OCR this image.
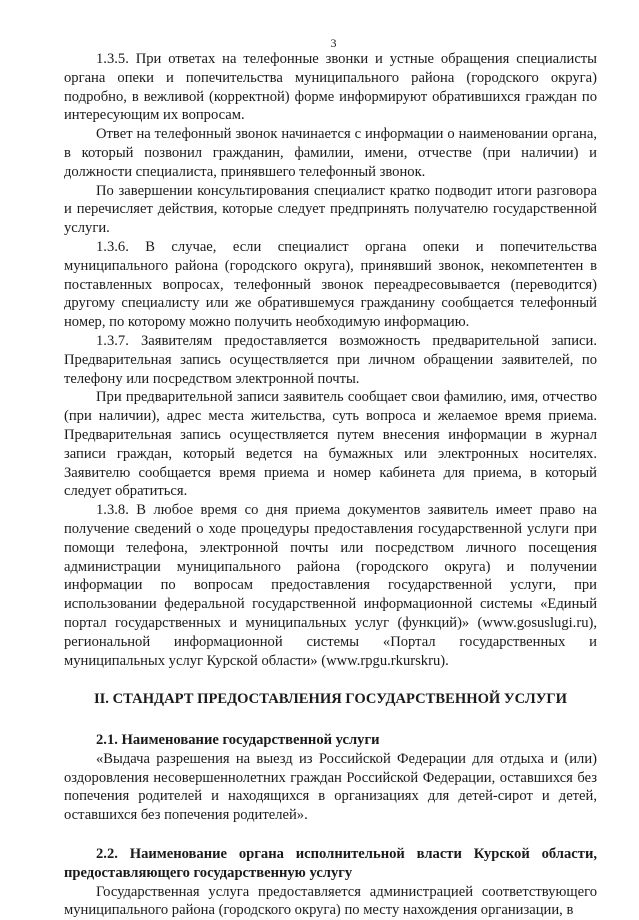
3

1.3.5. При ответах на телефонные звонки и устные обращения специалисты органа опеки и попечительства муниципального района (городского округа) подробно, в вежливой (корректной) форме информируют обратившихся граждан по интересующим их вопросам.

Ответ на телефонный звонок начинается с информации о наименовании органа, в который позвонил гражданин, фамилии, имени, отчестве (при наличии) и должности специалиста, принявшего телефонный звонок.

По завершении консультирования специалист кратко подводит итоги разговора и перечисляет действия, которые следует предпринять получателю государственной услуги.

1.3.6. В случае, если специалист органа опеки и попечительства муниципального района (городского округа), принявший звонок, некомпетентен в поставленных вопросах, телефонный звонок переадресовывается (переводится) другому специалисту или же обратившемуся гражданину сообщается телефонный номер, по которому можно получить необходимую информацию.

1.3.7. Заявителям предоставляется возможность предварительной записи. Предварительная запись осуществляется при личном обращении заявителей, по телефону или посредством электронной почты.

При предварительной записи заявитель сообщает свои фамилию, имя, отчество (при наличии), адрес места жительства, суть вопроса и желаемое время приема. Предварительная запись осуществляется путем внесения информации в журнал записи граждан, который ведется на бумажных или электронных носителях. Заявителю сообщается время приема и номер кабинета для приема, в который следует обратиться.

1.3.8. В любое время со дня приема документов заявитель имеет право на получение сведений о ходе процедуры предоставления государственной услуги при помощи телефона, электронной почты или посредством личного посещения администрации муниципального района (городского округа) и получении информации по вопросам предоставления государственной услуги, при использовании федеральной государственной информационной системы «Единый портал государственных и муниципальных услуг (функций)» (www.gosuslugi.ru), региональной информационной системы «Портал государственных и муниципальных услуг Курской области» (www.rpgu.rkurskru).

II. СТАНДАРТ ПРЕДОСТАВЛЕНИЯ ГОСУДАРСТВЕННОЙ УСЛУГИ
2.1. Наименование государственной услуги

«Выдача разрешения на выезд из Российской Федерации для отдыха и (или) оздоровления несовершеннолетних граждан Российской Федерации, оставшихся без попечения родителей и находящихся в организациях для детей-сирот и детей, оставшихся без попечения родителей».

2.2. Наименование органа исполнительной власти Курской области, предоставляющего государственную услугу

Государственная услуга предоставляется администрацией соответствующего муниципального района (городского округа) по месту нахождения организации, в
